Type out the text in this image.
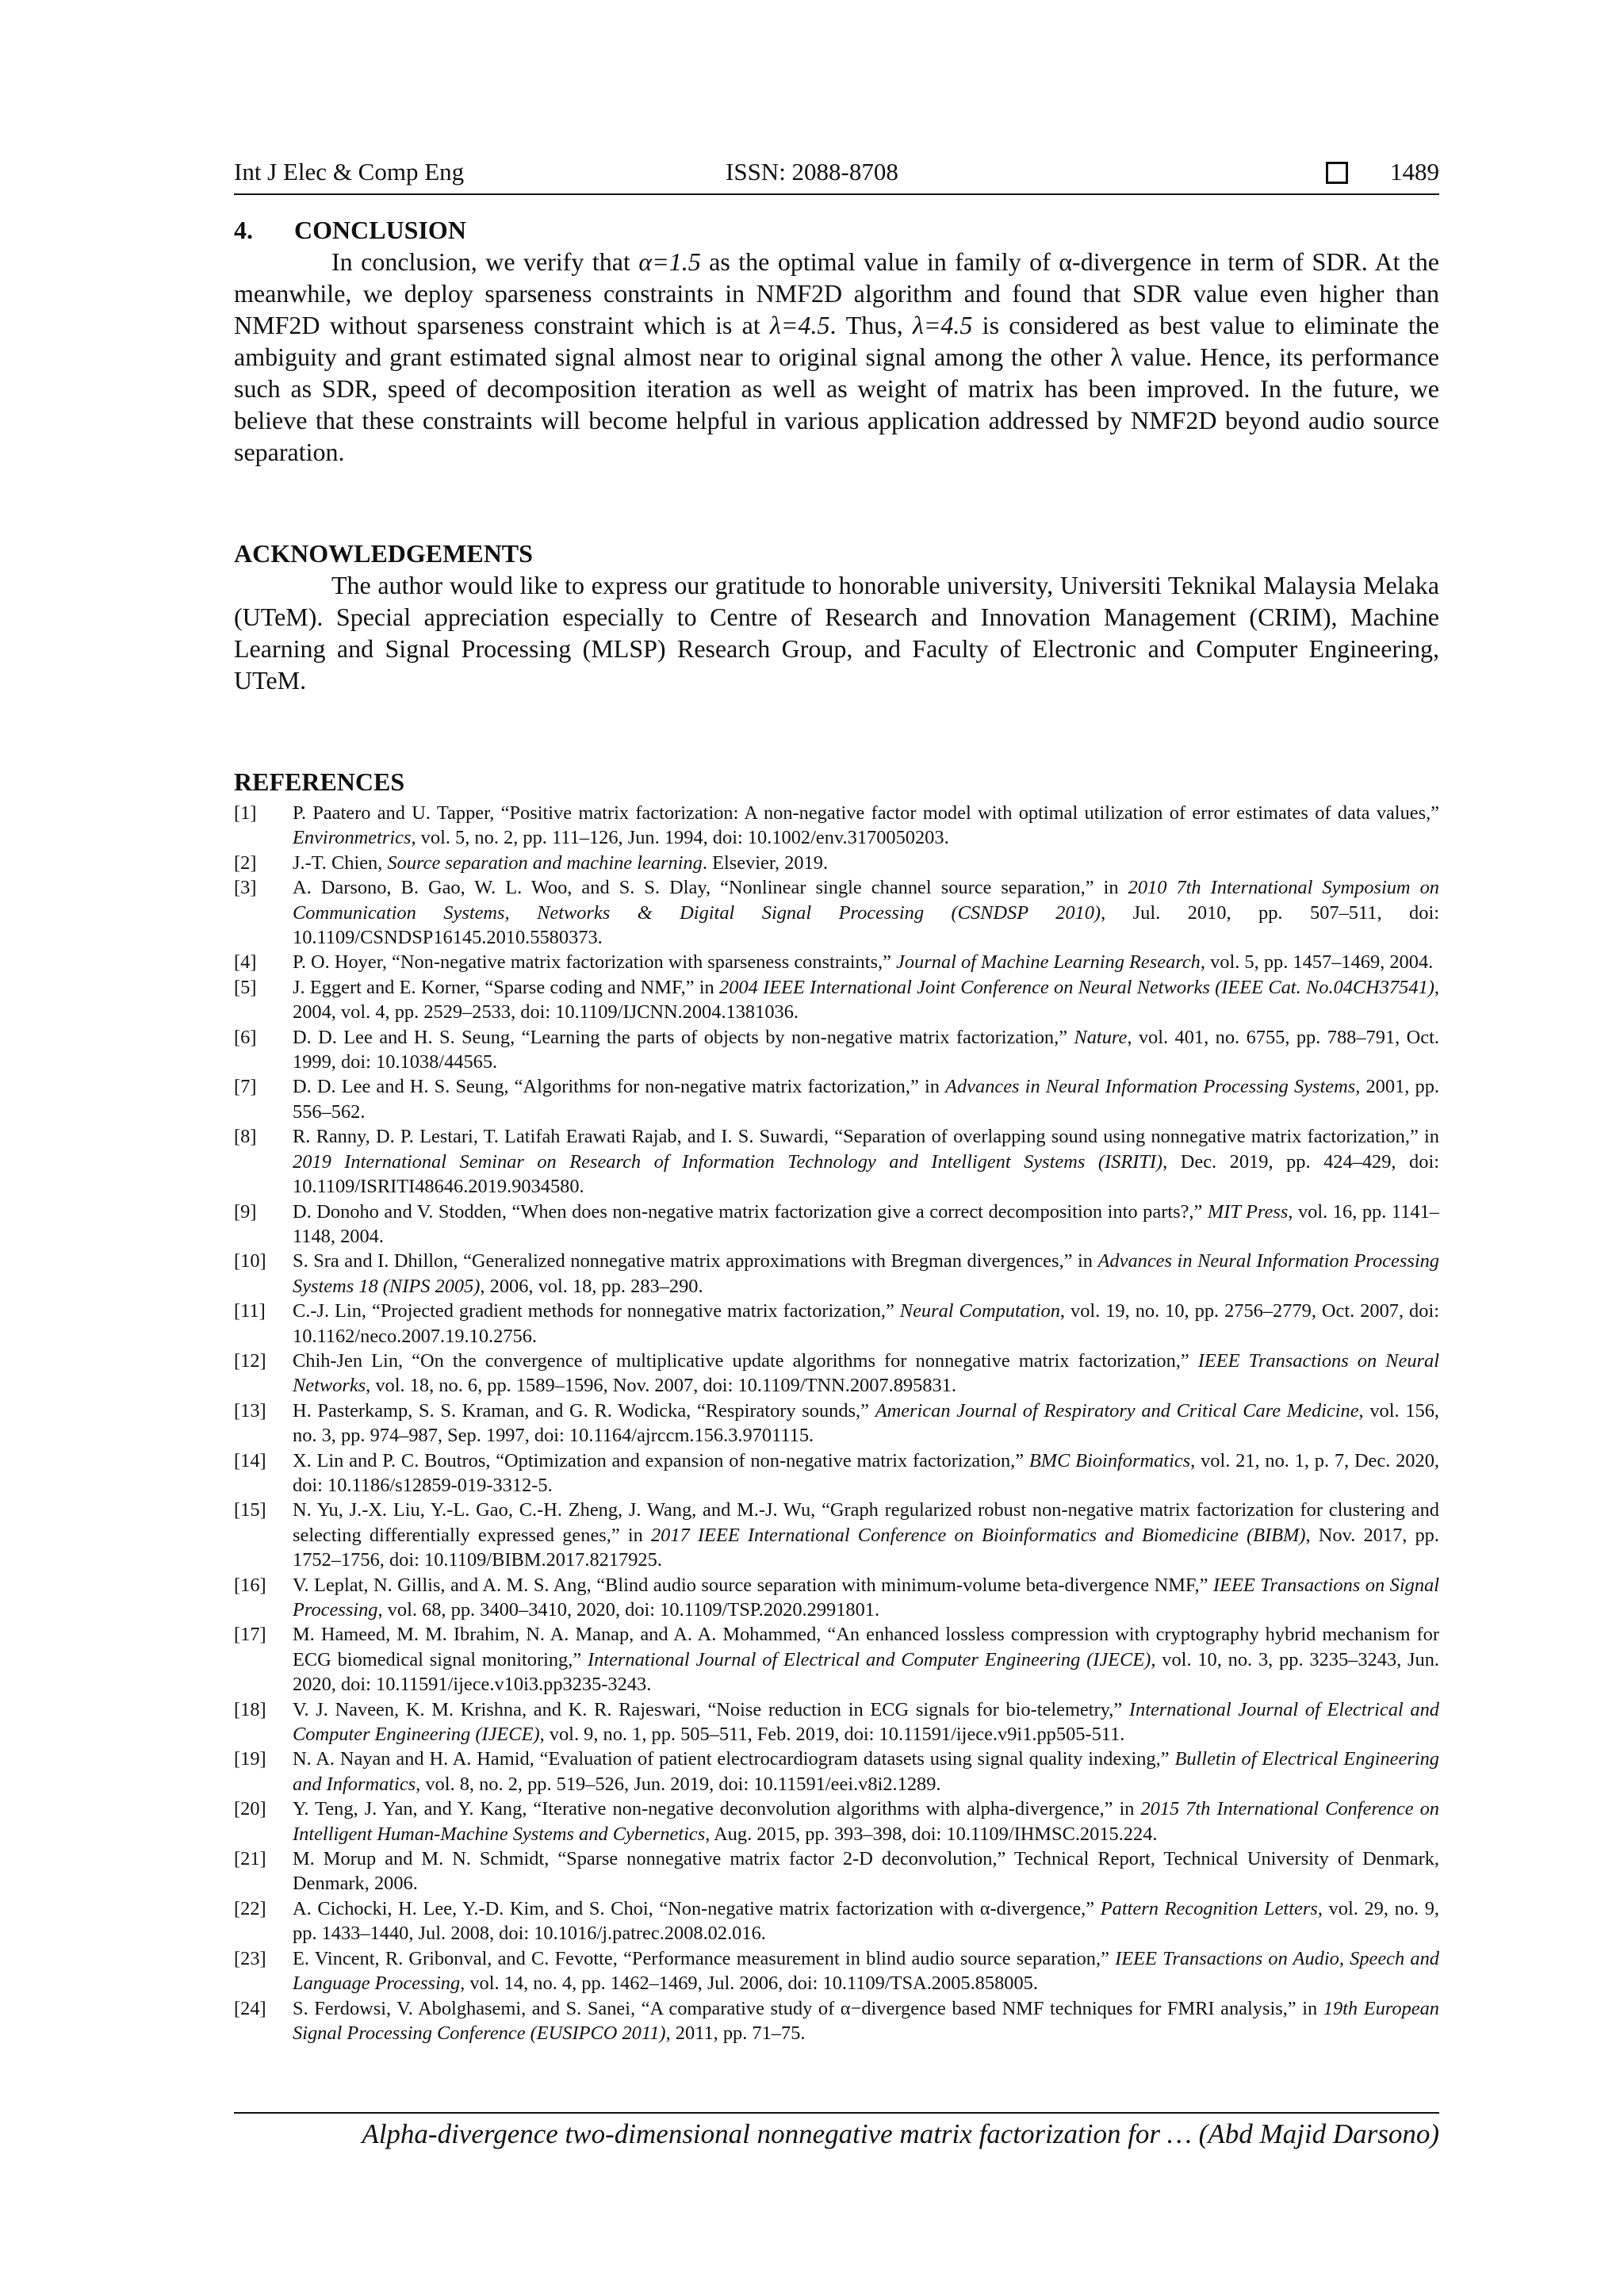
Int J Elec & Comp Eng	ISSN: 2088-8708	1489
4. CONCLUSION

In conclusion, we verify that α=1.5 as the optimal value in family of α-divergence in term of SDR. At the meanwhile, we deploy sparseness constraints in NMF2D algorithm and found that SDR value even higher than NMF2D without sparseness constraint which is at λ=4.5. Thus, λ=4.5 is considered as best value to eliminate the ambiguity and grant estimated signal almost near to original signal among the other λ value. Hence, its performance such as SDR, speed of decomposition iteration as well as weight of matrix has been improved. In the future, we believe that these constraints will become helpful in various application addressed by NMF2D beyond audio source separation.

ACKNOWLEDGEMENTS

The author would like to express our gratitude to honorable university, Universiti Teknikal Malaysia Melaka (UTeM). Special appreciation especially to Centre of Research and Innovation Management (CRIM), Machine Learning and Signal Processing (MLSP) Research Group, and Faculty of Electronic and Computer Engineering, UTeM.

REFERENCES
[1] P. Paatero and U. Tapper, “Positive matrix factorization: A non-negative factor model with optimal utilization of error estimates of data values,” Environmetrics, vol. 5, no. 2, pp. 111–126, Jun. 1994, doi: 10.1002/env.3170050203.
[2] J.-T. Chien, Source separation and machine learning. Elsevier, 2019.
[3] A. Darsono, B. Gao, W. L. Woo, and S. S. Dlay, “Nonlinear single channel source separation,” in 2010 7th International Symposium on Communication Systems, Networks & Digital Signal Processing (CSNDSP 2010), Jul. 2010, pp. 507–511, doi: 10.1109/CSNDSP16145.2010.5580373.
[4] P. O. Hoyer, “Non-negative matrix factorization with sparseness constraints,” Journal of Machine Learning Research, vol. 5, pp. 1457–1469, 2004.
[5] J. Eggert and E. Korner, “Sparse coding and NMF,” in 2004 IEEE International Joint Conference on Neural Networks (IEEE Cat. No.04CH37541), 2004, vol. 4, pp. 2529–2533, doi: 10.1109/IJCNN.2004.1381036.
[6] D. D. Lee and H. S. Seung, “Learning the parts of objects by non-negative matrix factorization,” Nature, vol. 401, no. 6755, pp. 788–791, Oct. 1999, doi: 10.1038/44565.
[7] D. D. Lee and H. S. Seung, “Algorithms for non-negative matrix factorization,” in Advances in Neural Information Processing Systems, 2001, pp. 556–562.
[8] R. Ranny, D. P. Lestari, T. Latifah Erawati Rajab, and I. S. Suwardi, “Separation of overlapping sound using nonnegative matrix factorization,” in 2019 International Seminar on Research of Information Technology and Intelligent Systems (ISRITI), Dec. 2019, pp. 424–429, doi: 10.1109/ISRITI48646.2019.9034580.
[9] D. Donoho and V. Stodden, “When does non-negative matrix factorization give a correct decomposition into parts?,” MIT Press, vol. 16, pp. 1141–1148, 2004.
[10] S. Sra and I. Dhillon, “Generalized nonnegative matrix approximations with Bregman divergences,” in Advances in Neural Information Processing Systems 18 (NIPS 2005), 2006, vol. 18, pp. 283–290.
[11] C.-J. Lin, “Projected gradient methods for nonnegative matrix factorization,” Neural Computation, vol. 19, no. 10, pp. 2756–2779, Oct. 2007, doi: 10.1162/neco.2007.19.10.2756.
[12] Chih-Jen Lin, “On the convergence of multiplicative update algorithms for nonnegative matrix factorization,” IEEE Transactions on Neural Networks, vol. 18, no. 6, pp. 1589–1596, Nov. 2007, doi: 10.1109/TNN.2007.895831.
[13] H. Pasterkamp, S. S. Kraman, and G. R. Wodicka, “Respiratory sounds,” American Journal of Respiratory and Critical Care Medicine, vol. 156, no. 3, pp. 974–987, Sep. 1997, doi: 10.1164/ajrccm.156.3.9701115.
[14] X. Lin and P. C. Boutros, “Optimization and expansion of non-negative matrix factorization,” BMC Bioinformatics, vol. 21, no. 1, p. 7, Dec. 2020, doi: 10.1186/s12859-019-3312-5.
[15] N. Yu, J.-X. Liu, Y.-L. Gao, C.-H. Zheng, J. Wang, and M.-J. Wu, “Graph regularized robust non-negative matrix factorization for clustering and selecting differentially expressed genes,” in 2017 IEEE International Conference on Bioinformatics and Biomedicine (BIBM), Nov. 2017, pp. 1752–1756, doi: 10.1109/BIBM.2017.8217925.
[16] V. Leplat, N. Gillis, and A. M. S. Ang, “Blind audio source separation with minimum-volume beta-divergence NMF,” IEEE Transactions on Signal Processing, vol. 68, pp. 3400–3410, 2020, doi: 10.1109/TSP.2020.2991801.
[17] M. Hameed, M. M. Ibrahim, N. A. Manap, and A. A. Mohammed, “An enhanced lossless compression with cryptography hybrid mechanism for ECG biomedical signal monitoring,” International Journal of Electrical and Computer Engineering (IJECE), vol. 10, no. 3, pp. 3235–3243, Jun. 2020, doi: 10.11591/ijece.v10i3.pp3235-3243.
[18] V. J. Naveen, K. M. Krishna, and K. R. Rajeswari, “Noise reduction in ECG signals for bio-telemetry,” International Journal of Electrical and Computer Engineering (IJECE), vol. 9, no. 1, pp. 505–511, Feb. 2019, doi: 10.11591/ijece.v9i1.pp505-511.
[19] N. A. Nayan and H. A. Hamid, “Evaluation of patient electrocardiogram datasets using signal quality indexing,” Bulletin of Electrical Engineering and Informatics, vol. 8, no. 2, pp. 519–526, Jun. 2019, doi: 10.11591/eei.v8i2.1289.
[20] Y. Teng, J. Yan, and Y. Kang, “Iterative non-negative deconvolution algorithms with alpha-divergence,” in 2015 7th International Conference on Intelligent Human-Machine Systems and Cybernetics, Aug. 2015, pp. 393–398, doi: 10.1109/IHMSC.2015.224.
[21] M. Morup and M. N. Schmidt, “Sparse nonnegative matrix factor 2-D deconvolution,” Technical Report, Technical University of Denmark, Denmark, 2006.
[22] A. Cichocki, H. Lee, Y.-D. Kim, and S. Choi, “Non-negative matrix factorization with α-divergence,” Pattern Recognition Letters, vol. 29, no. 9, pp. 1433–1440, Jul. 2008, doi: 10.1016/j.patrec.2008.02.016.
[23] E. Vincent, R. Gribonval, and C. Fevotte, “Performance measurement in blind audio source separation,” IEEE Transactions on Audio, Speech and Language Processing, vol. 14, no. 4, pp. 1462–1469, Jul. 2006, doi: 10.1109/TSA.2005.858005.
[24] S. Ferdowsi, V. Abolghasemi, and S. Sanei, “A comparative study of α−divergence based NMF techniques for FMRI analysis,” in 19th European Signal Processing Conference (EUSIPCO 2011), 2011, pp. 71–75.
Alpha-divergence two-dimensional nonnegative matrix factorization for … (Abd Majid Darsono)
